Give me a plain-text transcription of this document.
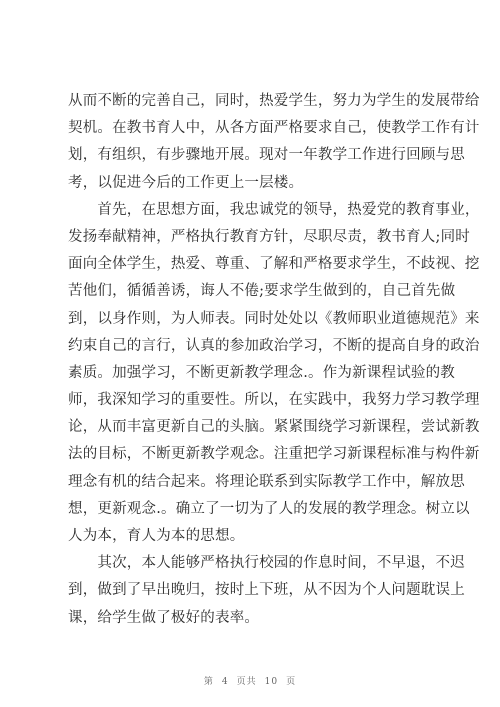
从而不断的完善自己，同时，热爱学生，努力为学生的发展带给
契机。在教书育人中，从各方面严格要求自己，使教学工作有计
划，有组织，有步骤地开展。现对一年教学工作进行回顾与思
考，以促进今后的工作更上一层楼。
　　首先，在思想方面，我忠诚党的领导，热爱党的教育事业，
发扬奉献精神，严格执行教育方针，尽职尽责，教书育人;同时
面向全体学生，热爱、尊重、了解和严格要求学生，不歧视、挖
苦他们，循循善诱，诲人不倦;要求学生做到的，自己首先做
到，以身作则，为人师表。同时处处以《教师职业道德规范》来
约束自己的言行，认真的参加政治学习，不断的提高自身的政治
素质。加强学习，不断更新教学理念.。作为新课程试验的教
师，我深知学习的重要性。所以，在实践中，我努力学习教学理
论，从而丰富更新自己的头脑。紧紧围绕学习新课程，尝试新教
法的目标，不断更新教学观念。注重把学习新课程标准与构件新
理念有机的结合起来。将理论联系到实际教学工作中，解放思
想，更新观念.。确立了一切为了人的发展的教学理念。树立以
人为本，育人为本的思想。
　　其次，本人能够严格执行校园的作息时间，不早退，不迟
到，做到了早出晚归，按时上下班，从不因为个人问题耽误上
课，给学生做了极好的表率。
第 4 页共 10 页
